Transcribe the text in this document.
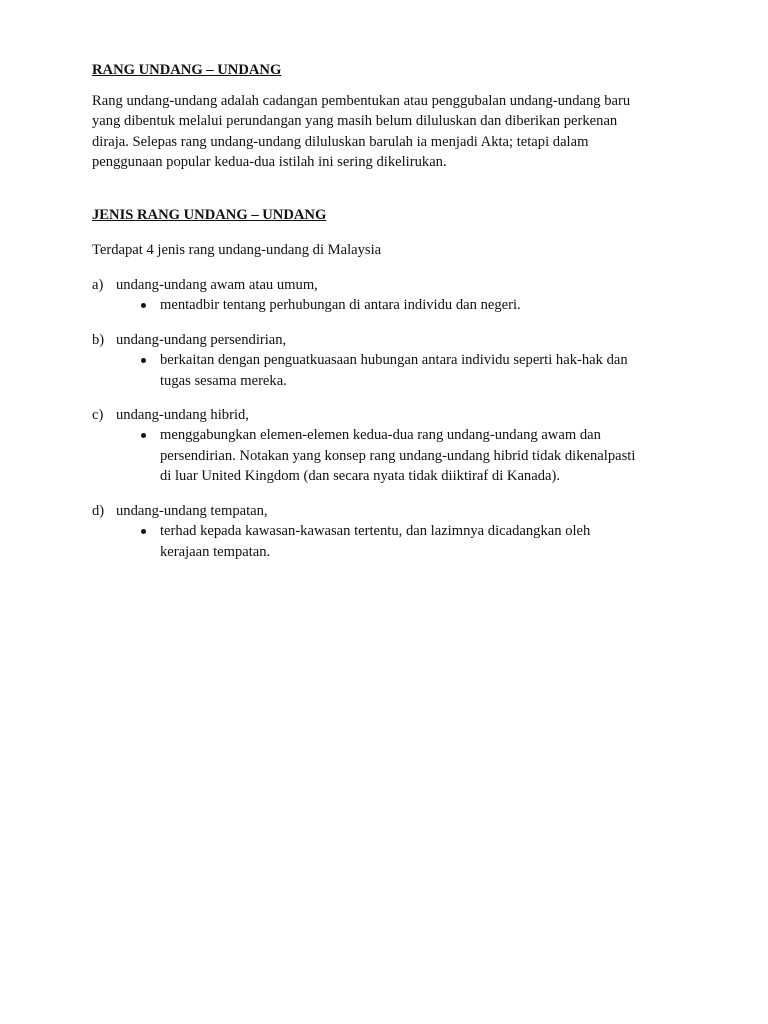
RANG UNDANG – UNDANG

Rang undang-undang adalah cadangan pembentukan atau penggubalan undang-undang baru
yang dibentuk melalui perundangan yang masih belum diluluskan dan diberikan perkenan
diraja. Selepas rang undang-undang diluluskan barulah ia menjadi Akta; tetapi dalam
penggunaan popular kedua-dua istilah ini sering dikelirukan.

JENIS RANG UNDANG – UNDANG

Terdapat 4 jenis rang undang-undang di Malaysia

a) undang-undang awam atau umum,
mentadbir tentang perhubungan di antara individu dan negeri.
b) undang-undang persendirian,
berkaitan dengan penguatkuasaan hubungan antara individu seperti hak-hak dan
tugas sesama mereka.
c) undang-undang hibrid,
menggabungkan elemen-elemen kedua-dua rang undang-undang awam dan
persendirian. Notakan yang konsep rang undang-undang hibrid tidak dikenalpasti
di luar United Kingdom (dan secara nyata tidak diiktiraf di Kanada).
d) undang-undang tempatan,
terhad kepada kawasan-kawasan tertentu, dan lazimnya dicadangkan oleh
kerajaan tempatan.
